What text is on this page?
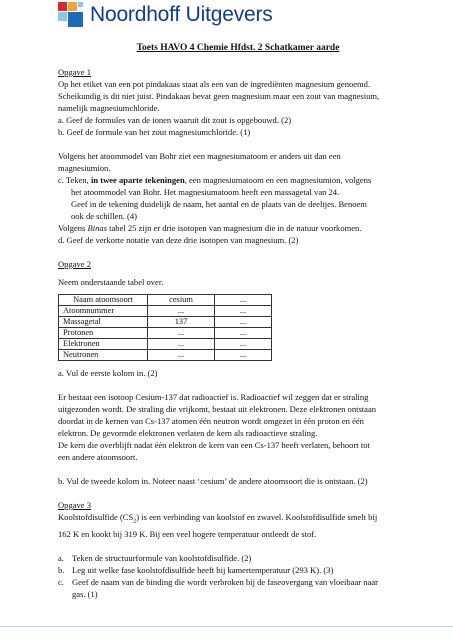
Noordhoff Uitgevers
Toets HAVO 4 Chemie Hfdst. 2 Schatkamer aarde

Opgave 1

Op het etiket van een pot pindakaas staat als een van de ingrediënten magnesium genoemd.

Scheikundig is dit niet juist. Pindakaas bevat geen magnesium maar een zout van magnesium,

namelijk magnesiumchloride.

a. Geef de formules van de ionen waaruit dit zout is opgebouwd. (2)

b. Geef de formule van het zout magnesiumchloride. (1)

Volgens het atoommodel van Bohr ziet een magnesiumatoom er anders uit dan een

magnesiumion.

c. Teken, in twee aparte tekeningen, een magnesiumatoom en een magnesiumion, volgens

het atoommodel van Bohr. Het magnesiumatoom heeft een massagetal van 24.

Geef in de tekening duidelijk de naam, het aantal en de plaats van de deeltjes. Benoem

ook de schillen. (4)

Volgens Binas tabel 25 zijn er drie isotopen van magnesium die in de natuur voorkomen.

d. Geef de verkorte notatie van deze drie isotopen van magnesium. (2)

Opgave 2

Neem onderstaande tabel over.

Naam atoomsoort	cesium	...
Atoomnummer	...	...
Massagetal	137	...
Protonen	...	...
Elektronen	...	...
Neutronen	...	...

a. Vul de eerste kolom in. (2)

Er bestaat een isotoop Cesium-137 dat radioactief is. Radioactief wil zeggen dat er straling

uitgezonden wordt. De straling die vrijkomt, bestaat uit elektronen. Deze elektronen ontstaan

doordat in de kernen van Cs-137 atomen één neutron wordt omgezet in één proton en één

elektron. De gevormde elektronen verlaten de kern als radioactieve straling.

De kern die overblijft nadat één elektron de kern van een Cs-137 heeft verlaten, behoort tot

een andere atoomsoort.

b. Vul de tweede kolom in. Noteer naast ‘cesium’ de andere atoomsoort die is ontstaan. (2)

Opgave 3

Koolstofdisulfide $(CS_2)$ is een verbinding van koolstof en zwavel. Koolstofdisulfide smelt bij

162 K en kookt bij 319 K. Bij een veel hogere temperatuur ontleedt de stof.

a. Teken de structuurformule van koolstofdisulfide. (2)
b. Leg uit welke fase koolstofdisulfide heeft bij kamertemperatuur (293 K). (3)
c. Geef de naam van de binding die wordt verbroken bij de faseovergang van vloeibaar naar

gas. (1)
